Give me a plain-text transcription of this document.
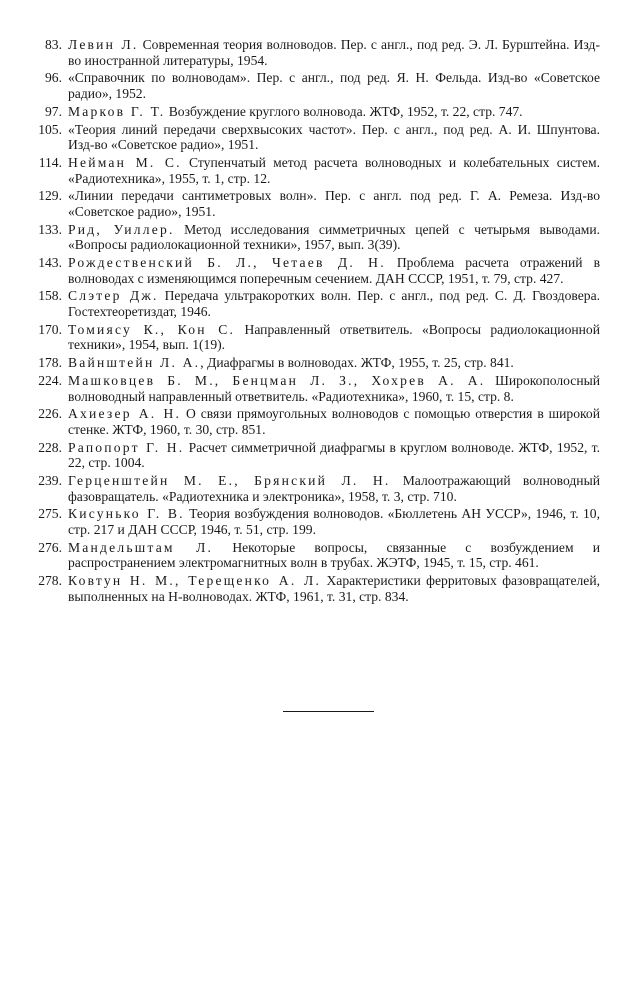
83. Левин Л. Современная теория волноводов. Пер. с англ., под ред. Э. Л. Бурштейна. Изд-во иностранной литературы, 1954.
96. «Справочник по волноводам». Пер. с англ., под ред. Я. Н. Фельда. Изд-во «Советское радио», 1952.
97. Марков Г. Т. Возбуждение круглого волновода. ЖТФ, 1952, т. 22, стр. 747.
105. «Теория линий передачи сверхвысоких частот». Пер. с англ., под ред. А. И. Шпунтова. Изд-во «Советское радио», 1951.
114. Нейман М. С. Ступенчатый метод расчета волноводных и колебательных систем. «Радиотехника», 1955, т. 1, стр. 12.
129. «Линии передачи сантиметровых волн». Пер. с англ. под ред. Г. А. Ремеза. Изд-во «Советское радио», 1951.
133. Рид, Уиллер. Метод исследования симметричных цепей с четырьмя выводами. «Вопросы радиолокационной техники», 1957, вып. 3(39).
143. Рождественский Б. Л., Четаев Д. Н. Проблема расчета отражений в волноводах с изменяющимся поперечным сечением. ДАН СССР, 1951, т. 79, стр. 427.
158. Слэтер Дж. Передача ультракоротких волн. Пер. с англ., под ред. С. Д. Гвоздовера. Гостехтеоретиздат, 1946.
170. Томиясу К., Кон С. Направленный ответвитель. «Вопросы радиолокационной техники», 1954, вып. 1(19).
178. Вайнштейн Л. А., Диафрагмы в волноводах. ЖТФ, 1955, т. 25, стр. 841.
224. Машковцев Б. М., Бенцман Л. З., Хохрев А. А. Широкополосный волноводный направленный ответвитель. «Радиотехника», 1960, т. 15, стр. 8.
226. Ахиезер А. Н. О связи прямоугольных волноводов с помощью отверстия в широкой стенке. ЖТФ, 1960, т. 30, стр. 851.
228. Рапопорт Г. Н. Расчет симметричной диафрагмы в круглом волноводе. ЖТФ, 1952, т. 22, стр. 1004.
239. Герценштейн М. Е., Брянский Л. Н. Малоотражающий волноводный фазовращатель. «Радиотехника и электроника», 1958, т. 3, стр. 710.
275. Кисунько Г. В. Теория возбуждения волноводов. «Бюллетень АН УССР», 1946, т. 10, стр. 217 и ДАН СССР, 1946, т. 51, стр. 199.
276. Мандельштам Л. Некоторые вопросы, связанные с возбуждением и распространением электромагнитных волн в трубах. ЖЭТФ, 1945, т. 15, стр. 461.
278. Ковтун Н. М., Терещенко А. Л. Характеристики ферритовых фазовращателей, выполненных на Н-волноводах. ЖТФ, 1961, т. 31, стр. 834.
